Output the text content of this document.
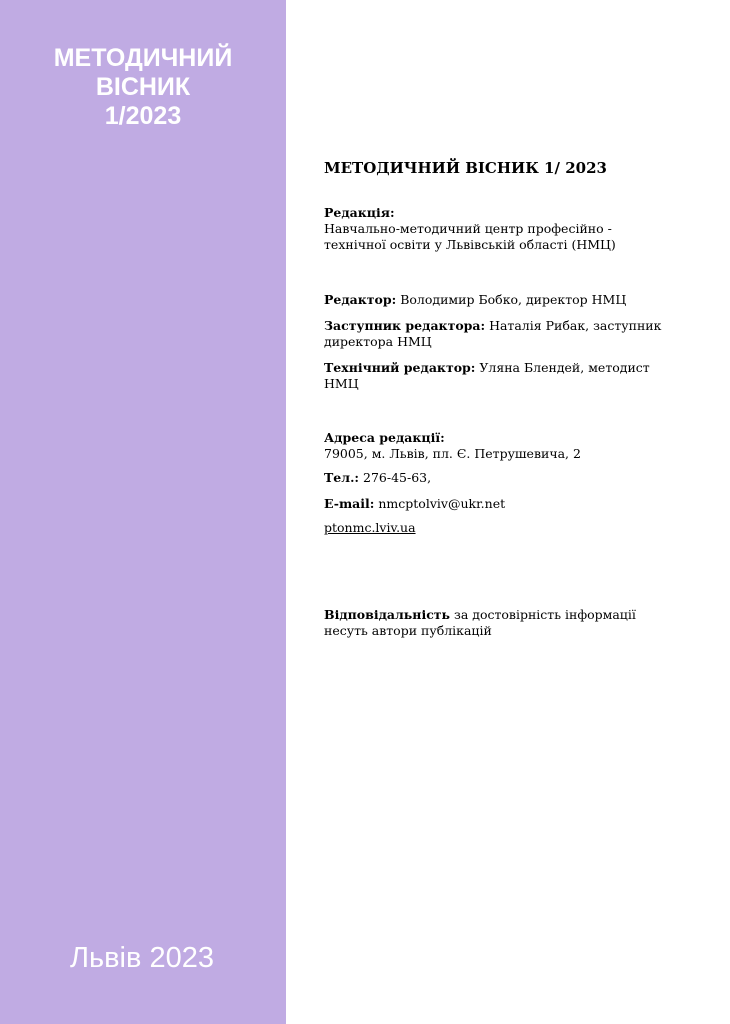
МЕТОДИЧНИЙ
ВІСНИК
1/2023
Львів 2023
МЕТОДИЧНИЙ ВІСНИК 1/ 2023
Редакція:
Навчально-методичний центр професійно -
технічної освіти у Львівській області (НМЦ)
Редактор: Володимир Бобко, директор НМЦ
Заступник редактора: Наталія Рибак, заступник
директора НМЦ
Технічний редактор: Уляна Блендей, методист
НМЦ
Адреса редакції:
79005, м. Львів, пл. Є. Петрушевича, 2
Тел.: 276-45-63,
E-mail: nmcptolviv@ukr.net
ptonmc.lviv.ua
Відповідальність за достовірність інформації
несуть автори публікацій
